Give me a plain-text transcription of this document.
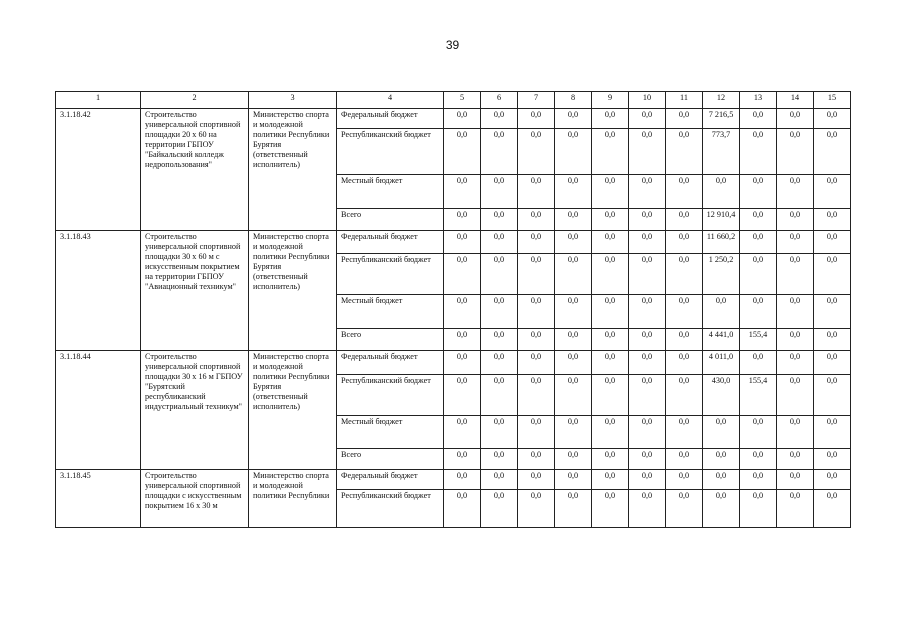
39
1	2	3	4	5	6	7	8	9	10	11	12	13	14	15
3.1.18.42	Строительство универсальной спортивной площадки 20 х 60 на территории ГБПОУ "Байкальский колледж недропользования"	Министерство спорта и молодежной политики Республики Бурятия (ответственный исполнитель)	Федеральный бюджет	0,0	0,0	0,0	0,0	0,0	0,0	0,0	7 216,5	0,0	0,0	0,0
			Республиканский бюджет	0,0	0,0	0,0	0,0	0,0	0,0	0,0	773,7	0,0	0,0	0,0
			Местный бюджет	0,0	0,0	0,0	0,0	0,0	0,0	0,0	0,0	0,0	0,0	0,0
			Всего	0,0	0,0	0,0	0,0	0,0	0,0	0,0	12 910,4	0,0	0,0	0,0
3.1.18.43	Строительство универсальной спортивной площадки 30 х 60 м с искусственным покрытием на территории ГБПОУ "Авиационный техникум"	Министерство спорта и молодежной политики Республики Бурятия (ответственный исполнитель)	Федеральный бюджет	0,0	0,0	0,0	0,0	0,0	0,0	0,0	11 660,2	0,0	0,0	0,0
			Республиканский бюджет	0,0	0,0	0,0	0,0	0,0	0,0	0,0	1 250,2	0,0	0,0	0,0
			Местный бюджет	0,0	0,0	0,0	0,0	0,0	0,0	0,0	0,0	0,0	0,0	0,0
			Всего	0,0	0,0	0,0	0,0	0,0	0,0	0,0	4 441,0	155,4	0,0	0,0
3.1.18.44	Строительство универсальной спортивной площадки 30 х 16 м ГБПОУ "Бурятский республиканский индустриальный техникум"	Министерство спорта и молодежной политики Республики Бурятия (ответственный исполнитель)	Федеральный бюджет	0,0	0,0	0,0	0,0	0,0	0,0	0,0	4 011,0	0,0	0,0	0,0
			Республиканский бюджет	0,0	0,0	0,0	0,0	0,0	0,0	0,0	430,0	155,4	0,0	0,0
			Местный бюджет	0,0	0,0	0,0	0,0	0,0	0,0	0,0	0,0	0,0	0,0	0,0
			Всего	0,0	0,0	0,0	0,0	0,0	0,0	0,0	0,0	0,0	0,0	0,0
3.1.18.45	Строительство универсальной спортивной площадки с искусственным покрытием 16 х 30 м	Министерство спорта и молодежной политики Республики	Федеральный бюджет	0,0	0,0	0,0	0,0	0,0	0,0	0,0	0,0	0,0	0,0	0,0
			Республиканский бюджет	0,0	0,0	0,0	0,0	0,0	0,0	0,0	0,0	0,0	0,0	0,0
